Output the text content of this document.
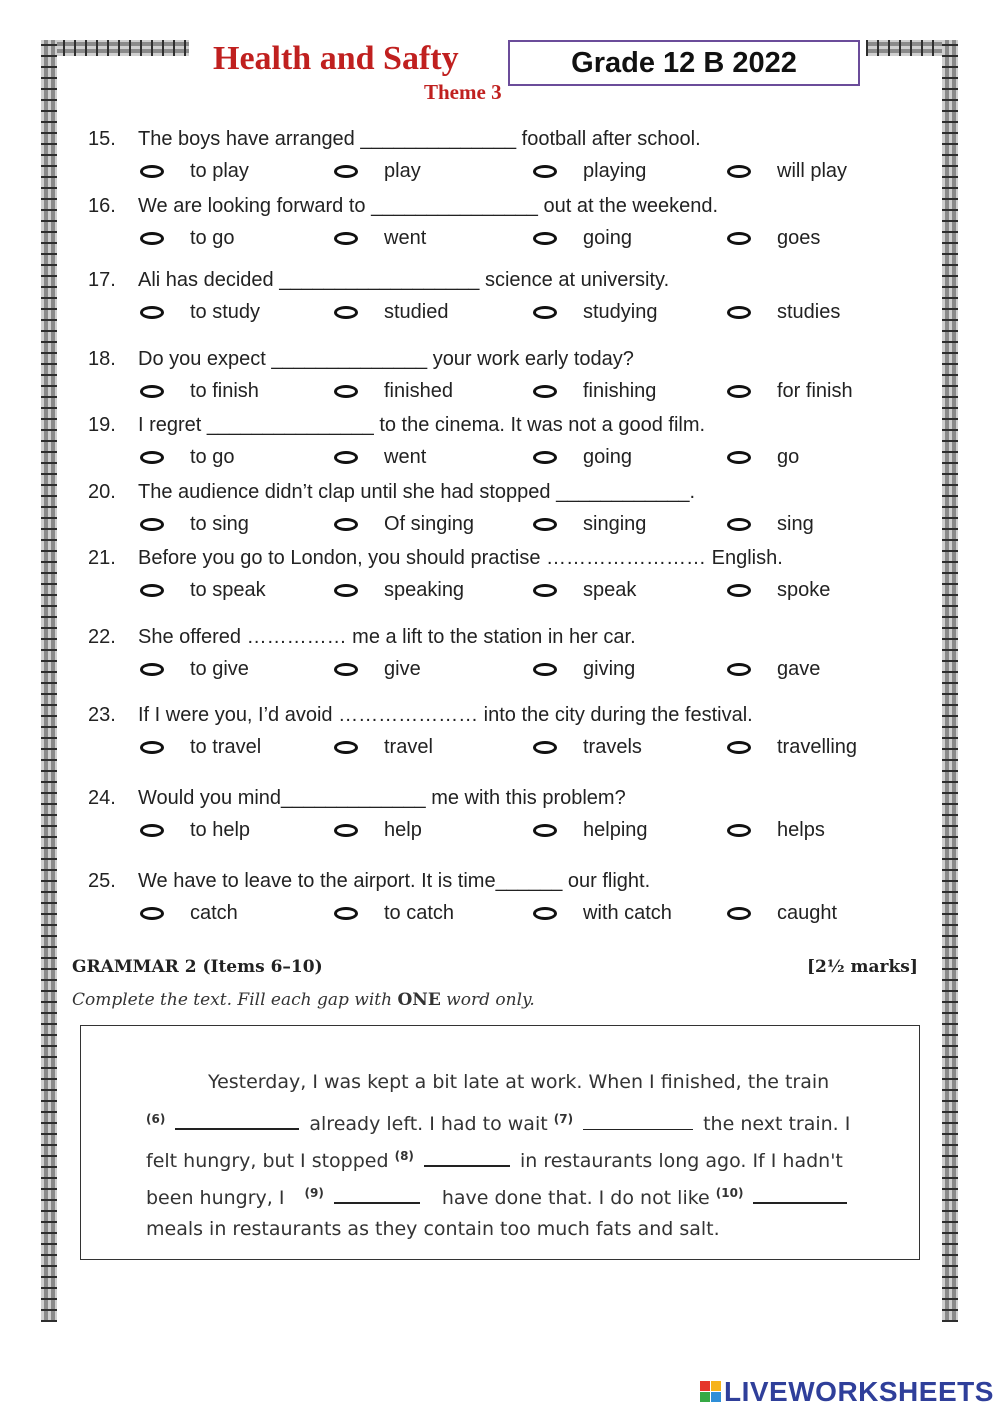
Health and Safty
Theme 3
Grade 12 B 2022
15. The boys have arranged ______________ football after school.
to play	play	playing	will play
16. We are looking forward to _______________ out at the weekend.
to go	went	going	goes
17. Ali has decided __________________ science at university.
to study	studied	studying	studies
18. Do you expect ______________ your work early today?
to finish	finished	finishing	for finish
19. I regret _______________ to the cinema. It was not a good film.
to go	went	going	go
20. The audience didn’t clap until she had stopped ____________.
to sing	Of singing	singing	sing
21. Before you go to London, you should practise …………………… English.
to speak	speaking	speak	spoke
22. She offered …………… me a lift to the station in her car.
to give	give	giving	gave
23. If I were you, I’d avoid ………………… into the city during the festival.
to travel	travel	travels	travelling
24. Would you mind_____________ me with this problem?
to help	help	helping	helps
25. We have to leave to the airport. It is time______ our flight.
catch	to catch	with catch	caught
GRAMMAR 2 (Items 6–10)	[2½ marks]
Complete the text. Fill each gap with ONE word only.
Yesterday, I was kept a bit late at work. When I finished, the train
$^{(6)}$	already left. I had to wait $^{(7)}$	the next train. I
felt hungry, but I stopped $^{(8)}$	in restaurants long ago. If I hadn't
been hungry, I $^{(9)}$	have done that. I do not like $^{(10)}$
meals in restaurants as they contain too much fats and salt.
LIVEWORKSHEETS
